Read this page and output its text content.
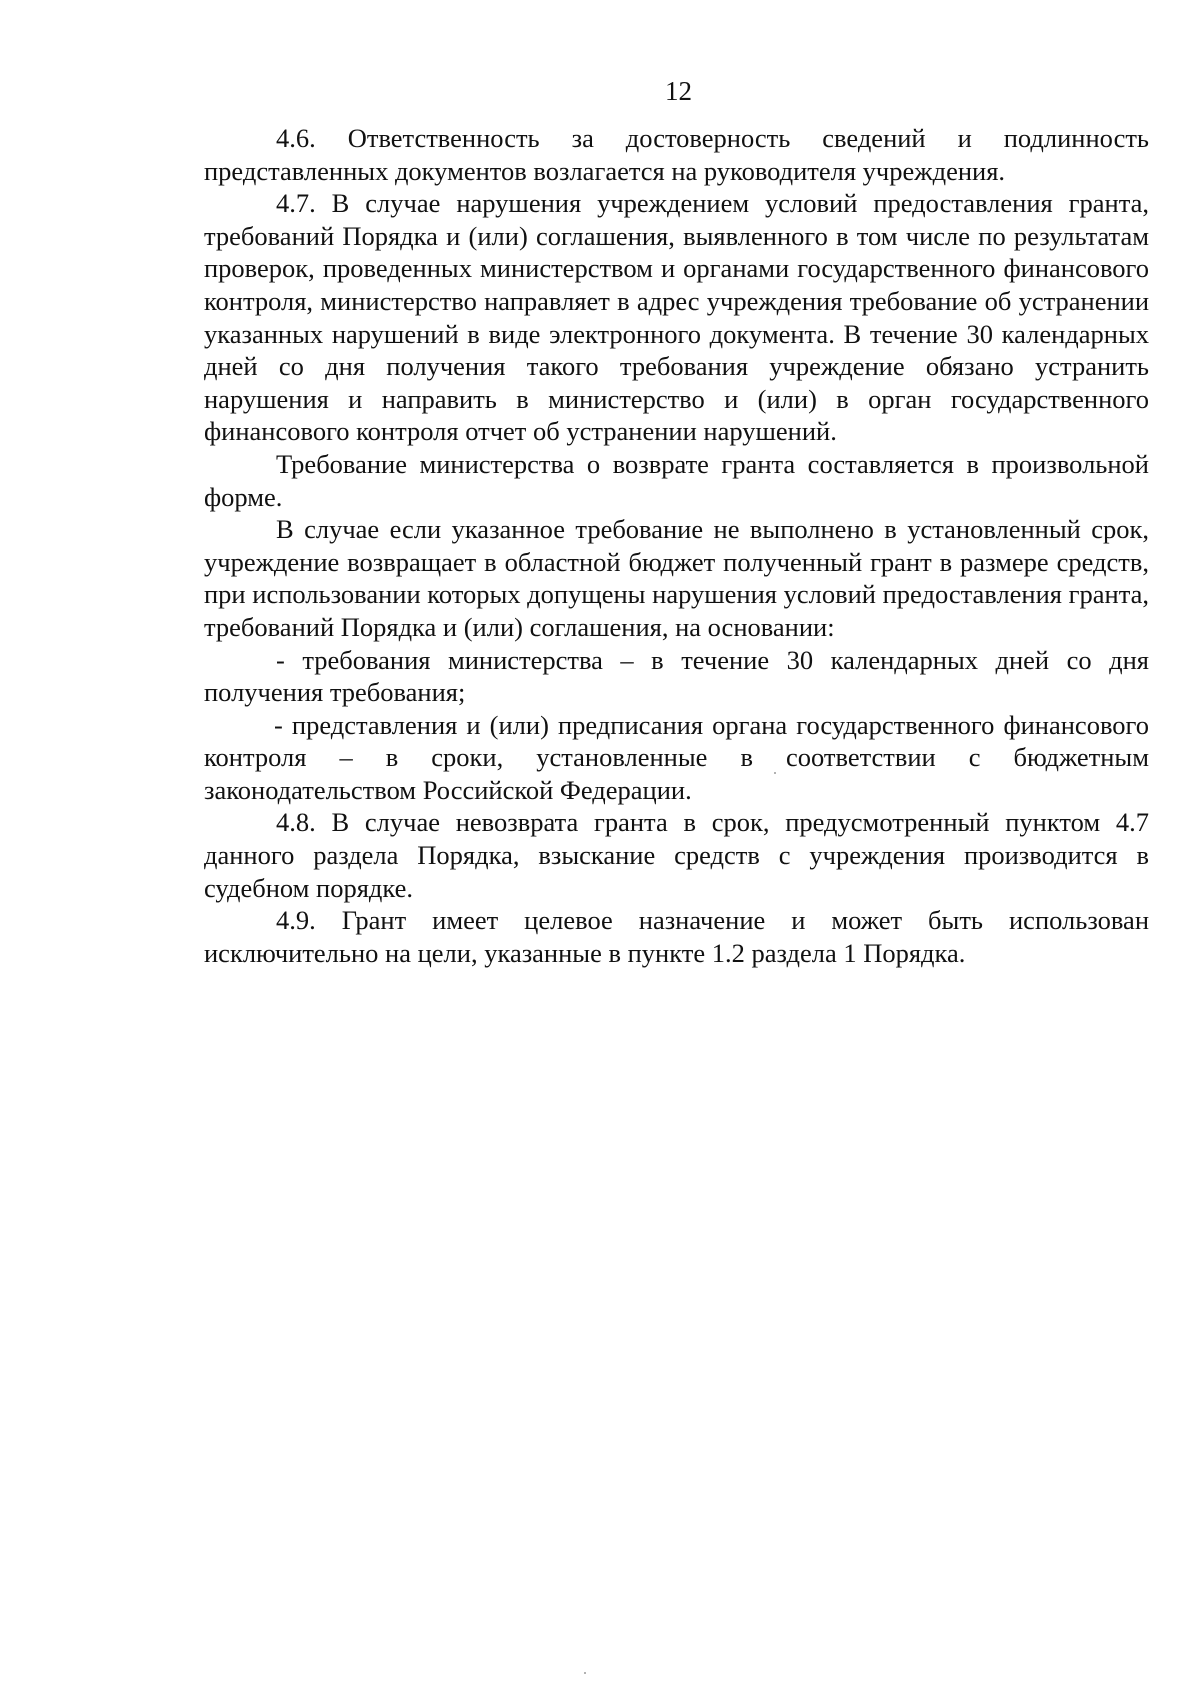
12

4.6. Ответственность за достоверность сведений и подлинность представленных документов возлагается на руководителя учреждения.

4.7. В случае нарушения учреждением условий предоставления гранта, требований Порядка и (или) соглашения, выявленного в том числе по результатам проверок, проведенных министерством и органами государственного финансового контроля, министерство направляет в адрес учреждения требование об устранении указанных нарушений в виде электронного документа. В течение 30 календарных дней со дня получения такого требования учреждение обязано устранить нарушения и направить в министерство и (или) в орган государственного финансового контроля отчет об устранении нарушений.

Требование министерства о возврате гранта составляется в произвольной форме.

В случае если указанное требование не выполнено в установленный срок, учреждение возвращает в областной бюджет полученный грант в размере средств, при использовании которых допущены нарушения условий предоставления гранта, требований Порядка и (или) соглашения, на основании:

- требования министерства – в течение 30 календарных дней со дня получения требования;

- представления и (или) предписания органа государственного финансового контроля – в сроки, установленные в соответствии с бюджетным законодательством Российской Федерации.

4.8. В случае невозврата гранта в срок, предусмотренный пунктом 4.7 данного раздела Порядка, взыскание средств с учреждения производится в судебном порядке.

4.9. Грант имеет целевое назначение и может быть использован исключительно на цели, указанные в пункте 1.2 раздела 1 Порядка.
